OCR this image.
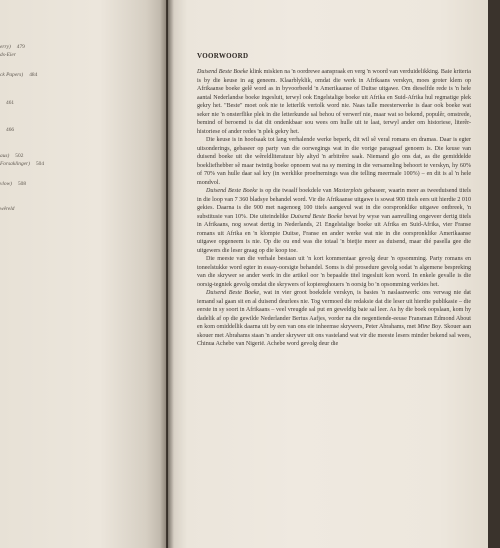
erry) 479
ds-Eier
ck Papers) 484
461
466
aus) 502
Forsaklinger) 504
vlow) 508
wêreld
VOORWOORD

Duisend Beste Boeke klink miskien na 'n oordrewe aanspraak en verg 'n woord van verduidelikking. Baie kriteria is by die keuse in ag geneem. Klaarblyklik, omdat die werk in Afrikaans verskyn, moes groter klem op Afrikaanse boeke gelê word as in byvoorbeeld 'n Amerikaanse of Duitse uitgawe. Om dieselfde rede is 'n hele aantal Nederlandse boeke ingesluit, terwyl ook Engelstalige boeke uit Afrika en Suid-Afrika hul regmatige plek gekry het. "Beste" moet ook nie te letterlik vertolk word nie. Naas talle meesterwerke is daar ook boeke wat seker nie 'n onsterflike plek in die letterkunde sal behou of verwerf nie, maar wat so bekend, populêr, omstrede, bemind of beroemd is dat dit ondenkbaar sou wees om hulle uit te laat, terwyl ander om historiese, literêr-historiese of ander redes 'n plek gekry het.

Die keuse is in hoofsaak tot lang verhalende werke beperk, dit wil sê veral romans en dramas. Daar is egter uitsonderings, gebaseer op party van die oorwegings wat in die vorige paragraaf genoem is. Die keuse van duisend boeke uit die wêreldliteratuur bly altyd 'n arbitrêre saak. Niemand glo ons dat, as die gemiddelde boekliefhebber sê maar twintig boeke opnoem wat na sy mening in die versameling behoort te verskyn, hy 60% of 70% van hulle daar sal kry (in werklike proefnemings was die telling meermale 100%) – en dit is al 'n hele mondvol.

Duisend Beste Boeke is op die twaalf boekdele van Masterplots gebaseer, waarin meer as tweeduisend titels in die loop van 7 360 bladsye behandel word. Vir die Afrikaanse uitgawe is sowat 900 titels eers uit hierdie 2 010 gekies. Daarna is die 900 met nagenoeg 100 titels aangevul wat in die oorspronklike uitgawe ontbreek, 'n substitusie van 10%. Die uiteindelike Duisend Beste Boeke bevat by wyse van aanvulling ongeveer dertig titels in Afrikaans, nog sowat dertig in Nederlands, 21 Engelstalige boeke uit Afrika en Suid-Afrika, vier Franse romans uit Afrika en 'n klompie Duitse, Franse en ander werke wat nie in die oorspronklike Amerikaanse uitgawe opgeneem is nie. Op die ou end was die totaal 'n bietjie meer as duisend, maar dié pasella gee die uitgewers die leser graag op die koop toe.

Die meeste van die verhale bestaan uit 'n kort kommentaar gevolg deur 'n opsomming. Party romans en toneelstukke word egter in essay-oorsigte behandel. Soms is dié prosedure gevolg sodat 'n algemene bespreking van die skrywer se ander werk in die artikel oor 'n bepaalde titel ingesluit kon word. In enkele gevalle is die oorsig-tegniek gevolg omdat die skrywers of kopiereghouers 'n oorsig bo 'n opsomming verkies het.

Duisend Beste Boeke, wat in vier groot boekdele verskyn, is basies 'n naslaanwerk: ons verwag nie dat iemand sal gaan sit en al duisend deurlees nie. Tog vermoed die redaksie dat die leser uit hierdie publikasie – die eerste in sy soort in Afrikaans – veel vreugde sal put en geweldig baie sal leer. As hy die boek oopslaan, kom hy dadelik af op die gewilde Nederlander Bertus Aafjes, vorder na die negentiende-eeuse Fransman Edmond About en kom omiddellik daarna uit by een van ons eie inheemse skrywers, Peter Abrahams, met Mine Boy. Skouer aan skouer met Abrahams staan 'n ander skrywer uit ons vasteland wat vir die meeste lesers minder bekend sal wees, Chinua Achebe van Nigerië. Achebe word gevolg deur die
